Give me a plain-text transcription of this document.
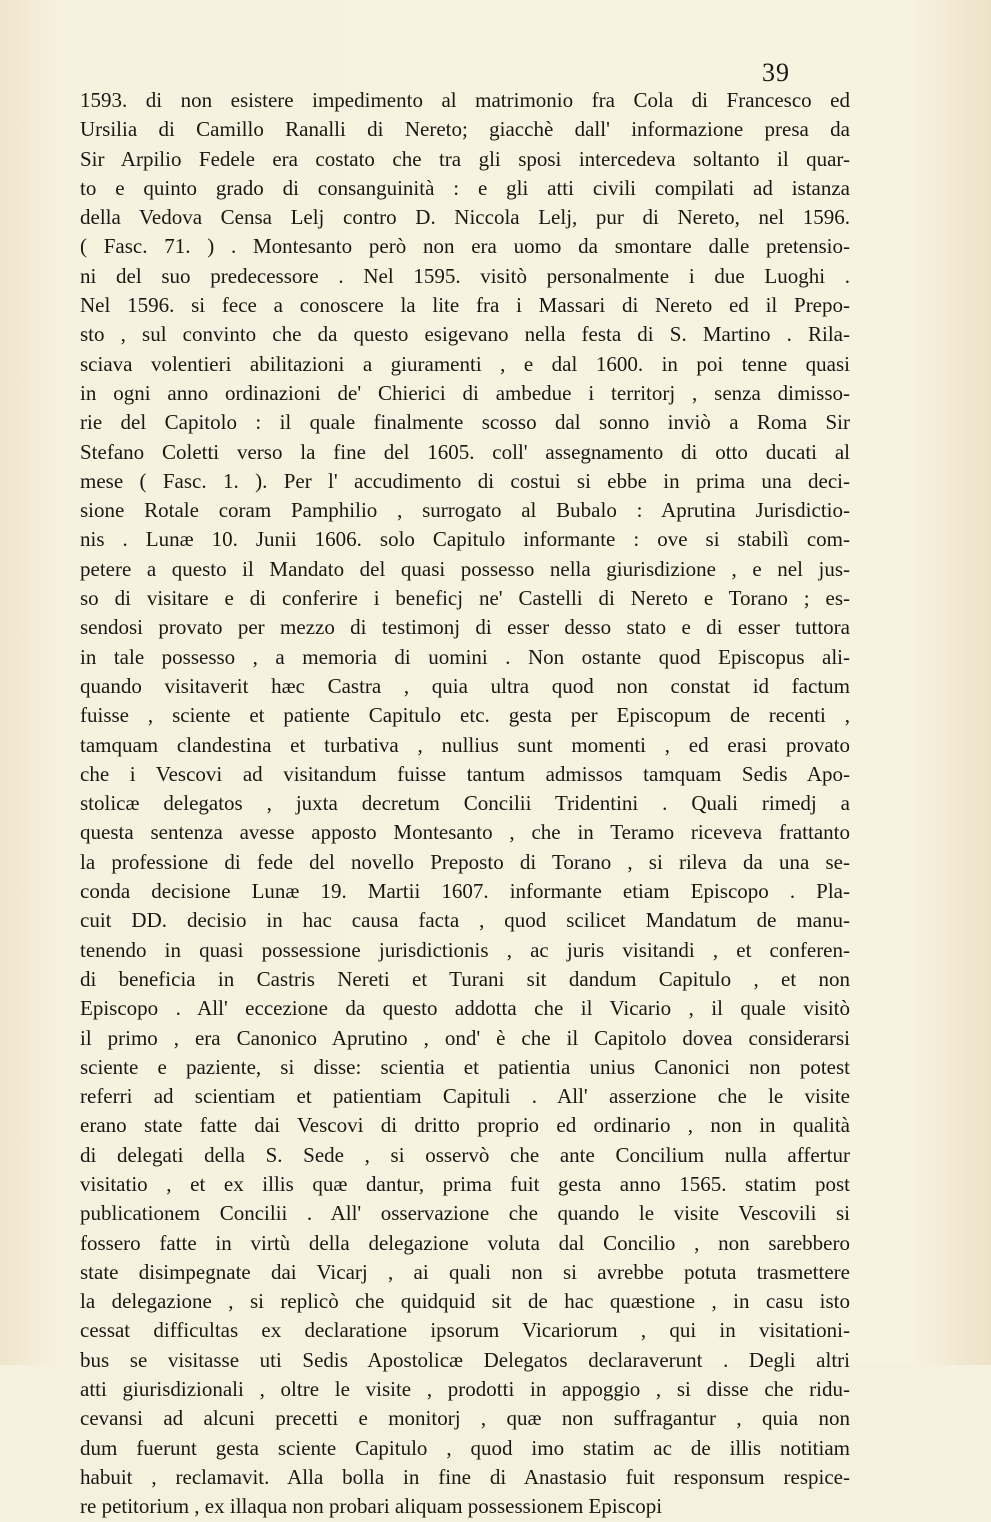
39
1593. di non esistere impedimento al matrimonio fra Cola di Francesco ed
Ursilia di Camillo Ranalli di Nereto; giacchè dall' informazione presa da
Sir Arpilio Fedele era costato che tra gli sposi intercedeva soltanto il quar-
to e quinto grado di consanguinità : e gli atti civili compilati ad istanza
della Vedova Censa Lelj contro D. Niccola Lelj, pur di Nereto, nel 1596.
( Fasc. 71. ) . Montesanto però non era uomo da smontare dalle pretensio-
ni del suo predecessore . Nel 1595. visitò personalmente i due Luoghi .
Nel 1596. si fece a conoscere la lite fra i Massari di Nereto ed il Prepo-
sto , sul convinto che da questo esigevano nella festa di S. Martino . Rila-
sciava volentieri abilitazioni a giuramenti , e dal 1600. in poi tenne quasi
in ogni anno ordinazioni de' Chierici di ambedue i territorj , senza dimisso-
rie del Capitolo : il quale finalmente scosso dal sonno inviò a Roma Sir
Stefano Coletti verso la fine del 1605. coll' assegnamento di otto ducati al
mese ( Fasc. 1. ). Per l' accudimento di costui si ebbe in prima una deci-
sione Rotale coram Pamphilio , surrogato al Bubalo : Aprutina Jurisdictio-
nis . Lunæ 10. Junii 1606. solo Capitulo informante : ove si stabilì com-
petere a questo il Mandato del quasi possesso nella giurisdizione , e nel jus-
so di visitare e di conferire i beneficj ne' Castelli di Nereto e Torano ; es-
sendosi provato per mezzo di testimonj di esser desso stato e di esser tuttora
in tale possesso , a memoria di uomini . Non ostante quod Episcopus ali-
quando visitaverit hæc Castra , quia ultra quod non constat id factum
fuisse , sciente et patiente Capitulo etc. gesta per Episcopum de recenti ,
tamquam clandestina et turbativa , nullius sunt momenti , ed erasi provato
che i Vescovi ad visitandum fuisse tantum admissos tamquam Sedis Apo-
stolicæ delegatos , juxta decretum Concilii Tridentini . Quali rimedj a
questa sentenza avesse apposto Montesanto , che in Teramo riceveva frattanto
la professione di fede del novello Preposto di Torano , si rileva da una se-
conda decisione Lunæ 19. Martii 1607. informante etiam Episcopo . Pla-
cuit DD. decisio in hac causa facta , quod scilicet Mandatum de manu-
tenendo in quasi possessione jurisdictionis , ac juris visitandi , et conferen-
di beneficia in Castris Nereti et Turani sit dandum Capitulo , et non
Episcopo . All' eccezione da questo addotta che il Vicario , il quale visitò
il primo , era Canonico Aprutino , ond' è che il Capitolo dovea considerarsi
sciente e paziente, si disse: scientia et patientia unius Canonici non potest
referri ad scientiam et patientiam Capituli . All' asserzione che le visite
erano state fatte dai Vescovi di dritto proprio ed ordinario , non in qualità
di delegati della S. Sede , si osservò che ante Concilium nulla affertur
visitatio , et ex illis quæ dantur, prima fuit gesta anno 1565. statim post
publicationem Concilii . All' osservazione che quando le visite Vescovili si
fossero fatte in virtù della delegazione voluta dal Concilio , non sarebbero
state disimpegnate dai Vicarj , ai quali non si avrebbe potuta trasmettere
la delegazione , si replicò che quidquid sit de hac quæstione , in casu isto
cessat difficultas ex declaratione ipsorum Vicariorum , qui in visitationi-
bus se visitasse uti Sedis Apostolicæ Delegatos declaraverunt . Degli altri
atti giurisdizionali , oltre le visite , prodotti in appoggio , si disse che ridu-
cevansi ad alcuni precetti e monitorj , quæ non suffragantur , quia non
dum fuerunt gesta sciente Capitulo , quod imo statim ac de illis notitiam
habuit , reclamavit. Alla bolla in fine di Anastasio fuit responsum respice-
re petitorium , ex illaqua non probari aliquam possessionem Episcopi
